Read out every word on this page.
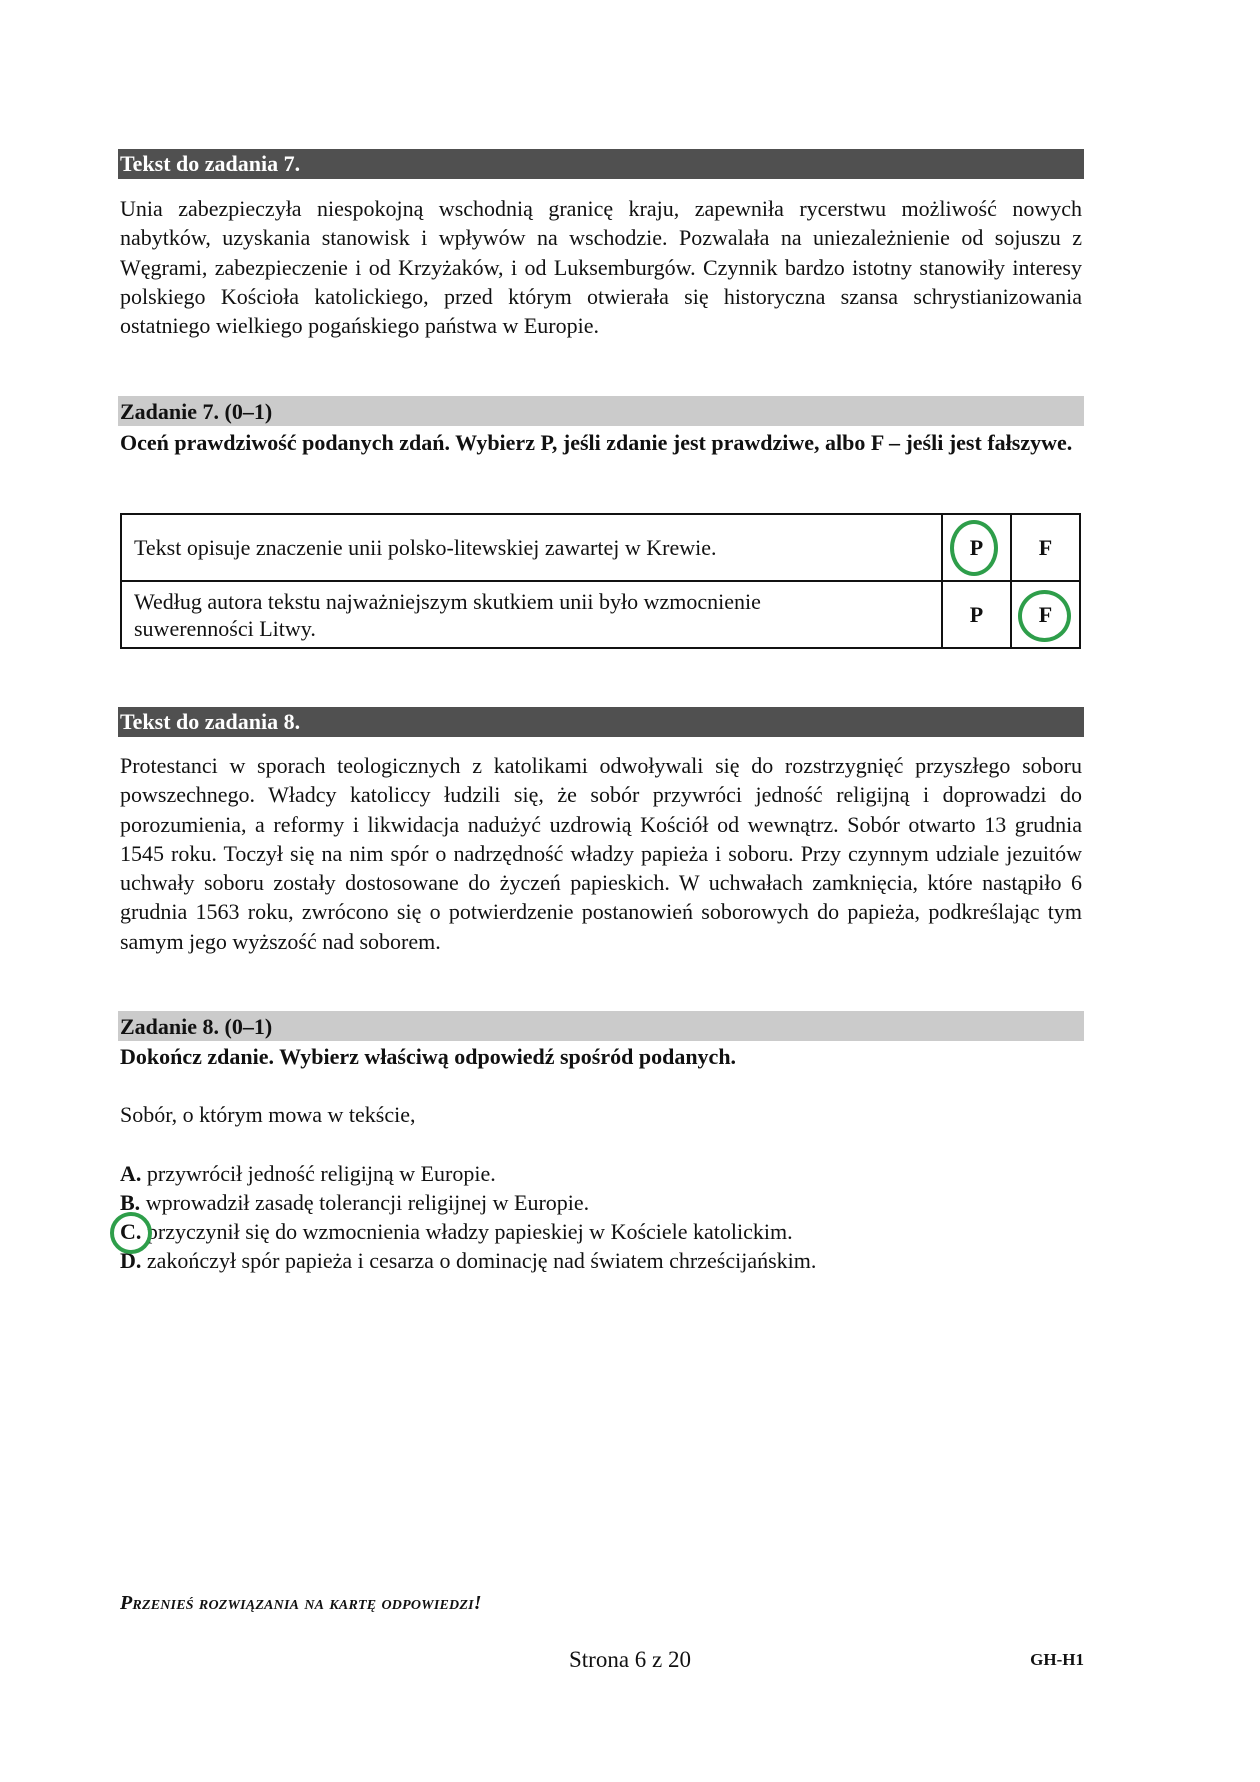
Tekst do zadania 7.
Unia zabezpieczyła niespokojną wschodnią granicę kraju, zapewniła rycerstwu możliwość nowych nabytków, uzyskania stanowisk i wpływów na wschodzie. Pozwalała na uniezależnienie od sojuszu z Węgrami, zabezpieczenie i od Krzyżaków, i od Luksemburgów. Czynnik bardzo istotny stanowiły interesy polskiego Kościoła katolickiego, przed którym otwierała się historyczna szansa schrystianizowania ostatniego wielkiego pogańskiego państwa w Europie.
Zadanie 7. (0–1)
Oceń prawdziwość podanych zdań. Wybierz P, jeśli zdanie jest prawdziwe, albo F – jeśli jest fałszywe.
Tekst opisuje znaczenie unii polsko-litewskiej zawartej w Krewie.	P	F
Według autora tekstu najważniejszym skutkiem unii było wzmocnienie suwerenności Litwy.	P	F
Tekst do zadania 8.
Protestanci w sporach teologicznych z katolikami odwoływali się do rozstrzygnięć przyszłego soboru powszechnego. Władcy katoliccy łudzili się, że sobór przywróci jedność religijną i doprowadzi do porozumienia, a reformy i likwidacja nadużyć uzdrowią Kościół od wewnątrz. Sobór otwarto 13 grudnia 1545 roku. Toczył się na nim spór o nadrzędność władzy papieża i soboru. Przy czynnym udziale jezuitów uchwały soboru zostały dostosowane do życzeń papieskich. W uchwałach zamknięcia, które nastąpiło 6 grudnia 1563 roku, zwrócono się o potwierdzenie postanowień soborowych do papieża, podkreślając tym samym jego wyższość nad soborem.
Zadanie 8. (0–1)
Dokończ zdanie. Wybierz właściwą odpowiedź spośród podanych.
Sobór, o którym mowa w tekście,
A. przywrócił jedność religijną w Europie.
B. wprowadził zasadę tolerancji religijnej w Europie.
C. przyczynił się do wzmocnienia władzy papieskiej w Kościele katolickim.
D. zakończył spór papieża i cesarza o dominację nad światem chrześcijańskim.
Przenieś rozwiązania na kartę odpowiedzi!
Strona 6 z 20	GH-H1
